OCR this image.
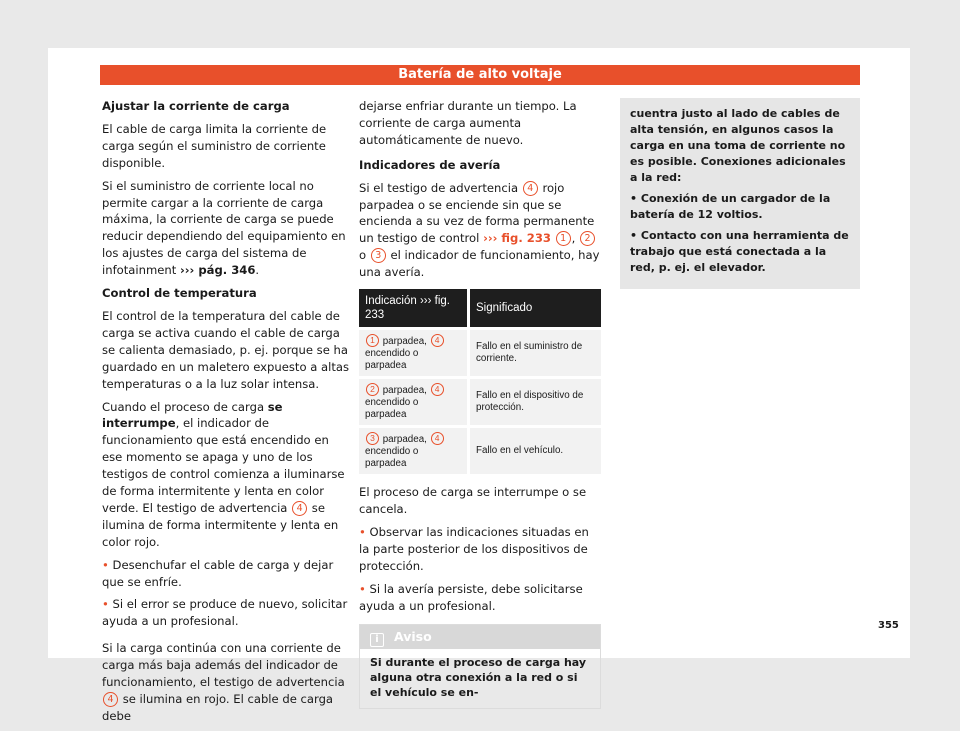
Batería de alto voltaje

Ajustar la corriente de carga

El cable de carga limita la corriente de carga según el suministro de corriente disponible.

Si el suministro de corriente local no permite cargar a la corriente de carga máxima, la corriente de carga se puede reducir dependiendo del equipamiento en los ajustes de carga del sistema de infotainment ››› pág. 346.

Control de temperatura

El control de la temperatura del cable de carga se activa cuando el cable de carga se calienta demasiado, p. ej. porque se ha guardado en un maletero expuesto a altas temperaturas o a la luz solar intensa.

Cuando el proceso de carga se interrumpe, el indicador de funcionamiento que está encendido en ese momento se apaga y uno de los testigos de control comienza a iluminarse de forma intermitente y lenta en color verde. El testigo de advertencia 4 se ilumina de forma intermitente y lenta en color rojo.

• Desenchufar el cable de carga y dejar que se enfríe.

• Si el error se produce de nuevo, solicitar ayuda a un profesional.

Si la carga continúa con una corriente de carga más baja además del indicador de funcionamiento, el testigo de advertencia 4 se ilumina en rojo. El cable de carga debe

dejarse enfriar durante un tiempo. La corriente de carga aumenta automáticamente de nuevo.

Indicadores de avería

Si el testigo de advertencia 4 rojo parpadea o se enciende sin que se encienda a su vez de forma permanente un testigo de control ››› fig. 233 1 , 2 o 3 el indicador de funcionamiento, hay una avería.

Indicación ››› fig. 233	Significado
1 parpadea, 4 encendido o parpadea	Fallo en el suministro de corriente.
2 parpadea, 4 encendido o parpadea	Fallo en el dispositivo de protección.
3 parpadea, 4 encendido o parpadea	Fallo en el vehículo.

El proceso de carga se interrumpe o se cancela.

• Observar las indicaciones situadas en la parte posterior de los dispositivos de protección.

• Si la avería persiste, debe solicitarse ayuda a un profesional.

i Aviso
Si durante el proceso de carga hay alguna otra conexión a la red o si el vehículo se en-

cuentra justo al lado de cables de alta tensión, en algunos casos la carga en una toma de corriente no es posible. Conexiones adicionales a la red:

• Conexión de un cargador de la batería de 12 voltios.

• Contacto con una herramienta de trabajo que está conectada a la red, p. ej. el elevador.

355
